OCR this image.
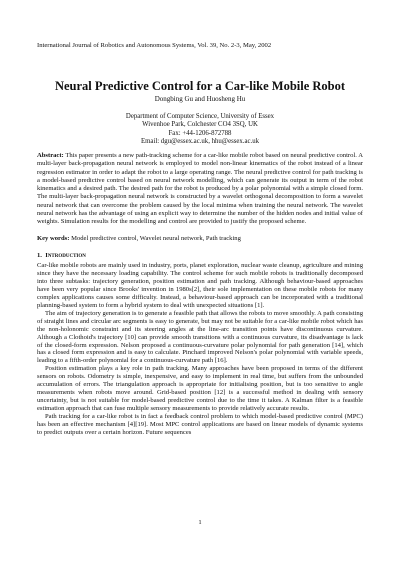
International Journal of Robotics and Autonomous Systems, Vol. 39, No. 2-3, May, 2002
Neural Predictive Control for a Car-like Mobile Robot
Dongbing Gu and Huosheng Hu
Department of Computer Science, University of Essex
Wivenhoe Park, Colchester CO4 3SQ, UK
Fax: +44-1206-872788
Email: dgu@essex.ac.uk, hhu@essex.ac.uk
Abstract: This paper presents a new path-tracking scheme for a car-like mobile robot based on neural predictive control. A multi-layer back-propagation neural network is employed to model non-linear kinematics of the robot instead of a linear regression estimator in order to adapt the robot to a large operating range. The neural predictive control for path tracking is a model-based predictive control based on neural network modelling, which can generate its output in term of the robot kinematics and a desired path. The desired path for the robot is produced by a polar polynomial with a simple closed form. The multi-layer back-propagation neural network is constructed by a wavelet orthogonal decomposition to form a wavelet neural network that can overcome the problem caused by the local minima when training the neural network. The wavelet neural network has the advantage of using an explicit way to determine the number of the hidden nodes and initial value of weights. Simulation results for the modelling and control are provided to justify the proposed scheme.
Key words: Model predictive control, Wavelet neural network, Path tracking
1. Introduction

Car-like mobile robots are mainly used in industry, ports, planet exploration, nuclear waste cleanup, agriculture and mining since they have the necessary loading capability. The control scheme for such mobile robots is traditionally decomposed into three subtasks: trajectory generation, position estimation and path tracking. Although behaviour-based approaches have been very popular since Brooks' invention in 1980s[2], their sole implementation on these mobile robots for many complex applications causes some difficulty. Instead, a behaviour-based approach can be incorporated with a traditional planning-based system to form a hybrid system to deal with unexpected situations [1].

The aim of trajectory generation is to generate a feasible path that allows the robots to move smoothly. A path consisting of straight lines and circular arc segments is easy to generate, but may not be suitable for a car-like mobile robot which has the non-holonomic constraint and its steering angles at the line-arc transition points have discontinuous curvature. Although a Clothoid's trajectory [10] can provide smooth transitions with a continuous curvature, its disadvantage is lack of the closed-form expression. Nelson proposed a continuous-curvature polar polynomial for path generation [14], which has a closed form expression and is easy to calculate. Pinchard improved Nelson's polar polynomial with variable speeds, leading to a fifth-order polynomial for a continuous-curvature path [16].

Position estimation plays a key role in path tracking. Many approaches have been proposed in terms of the different sensors on robots. Odometry is simple, inexpensive, and easy to implement in real time, but suffers from the unbounded accumulation of errors. The triangulation approach is appropriate for initialising position, but is too sensitive to angle measurements when robots move around. Grid-based position [12] is a successful method in dealing with sensory uncertainty, but is not suitable for model-based predictive control due to the time it takes. A Kalman filter is a feasible estimation approach that can fuse multiple sensory measurements to provide relatively accurate results.

Path tracking for a car-like robot is in fact a feedback control problem to which model-based predictive control (MPC) has been an effective mechanism [4][19]. Most MPC control applications are based on linear models of dynamic systems to predict outputs over a certain horizon. Future sequences

1
